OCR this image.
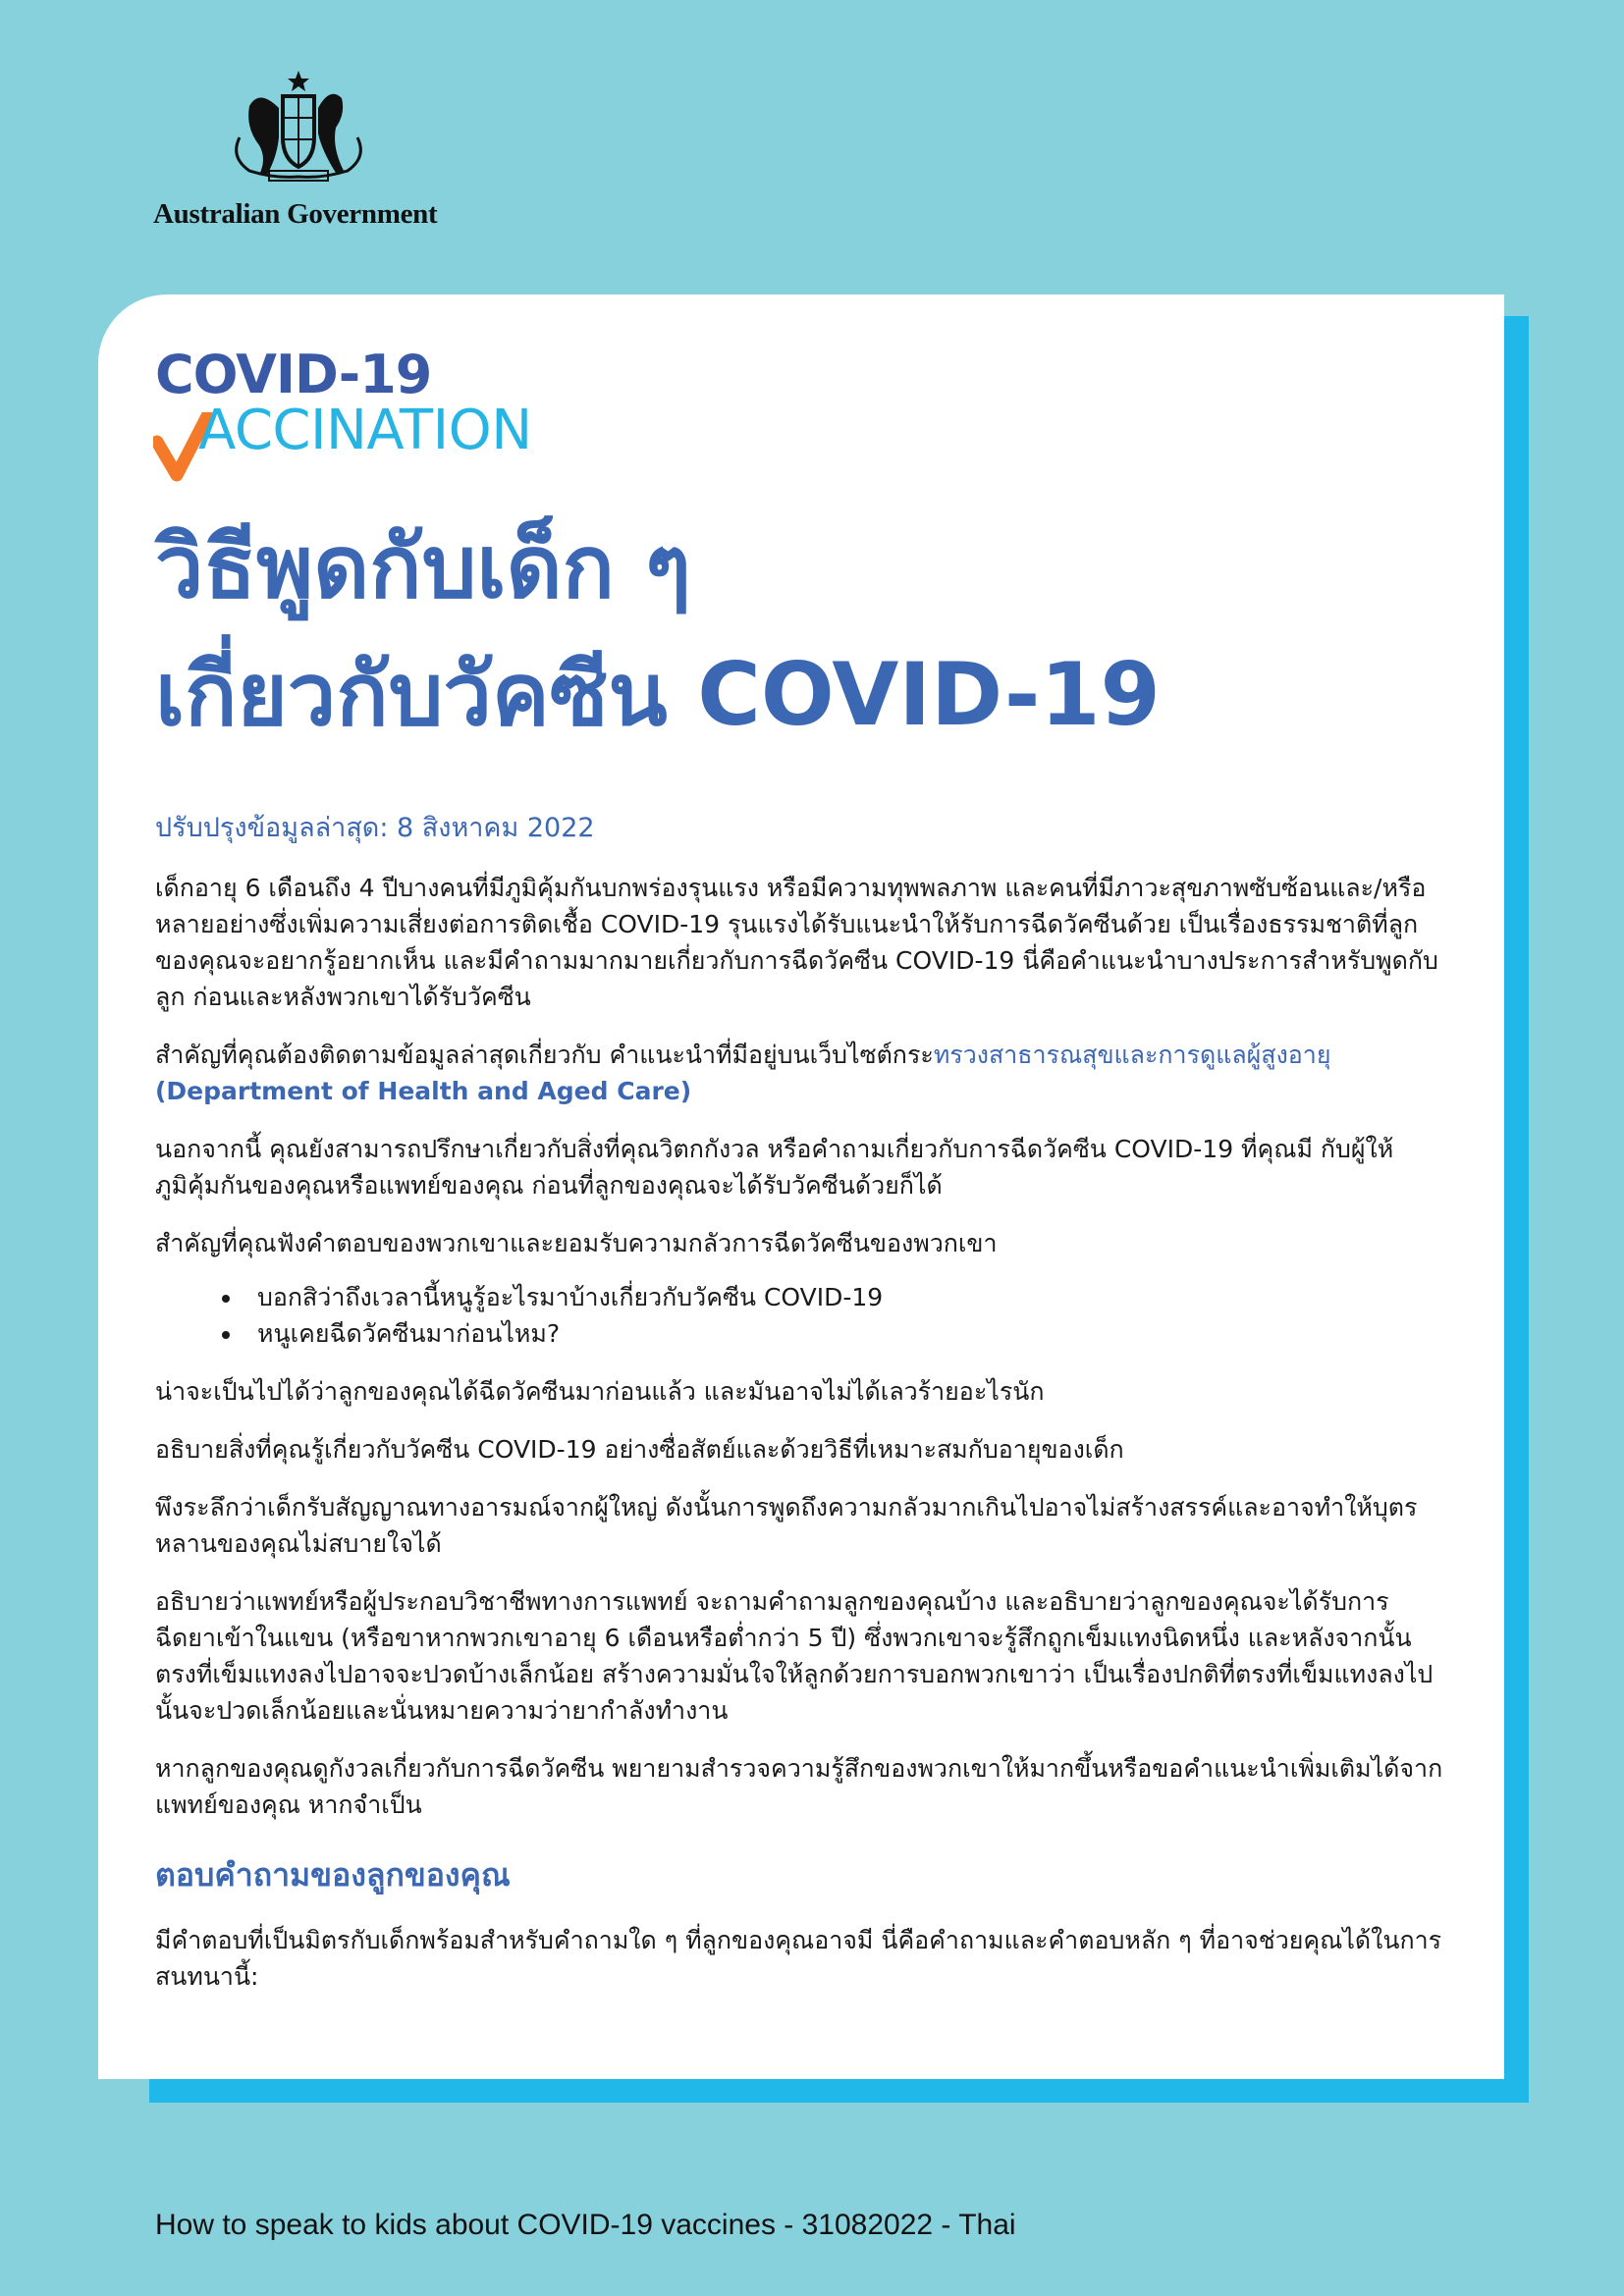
Australian Government
COVID-19
ACCINATION
วิธีพูดกับเด็ก ๆ
เกี่ยวกับวัคซีน COVID-19
ปรับปรุงข้อมูลล่าสุด: 8 สิงหาคม 2022

เด็กอายุ 6 เดือนถึง 4 ปีบางคนที่มีภูมิคุ้มกันบกพร่องรุนแรง หรือมีความทุพพลภาพ และคนที่มีภาวะสุขภาพซับซ้อนและ/หรือหลายอย่างซึ่งเพิ่มความเสี่ยงต่อการติดเชื้อ COVID-19 รุนแรงได้รับแนะนำให้รับการฉีดวัคซีนด้วย เป็นเรื่องธรรมชาติที่ลูกของคุณจะอยากรู้อยากเห็น และมีคำถามมากมายเกี่ยวกับการฉีดวัคซีน COVID-19 นี่คือคำแนะนำบางประการสำหรับพูดกับลูก ก่อนและหลังพวกเขาได้รับวัคซีน

สำคัญที่คุณต้องติดตามข้อมูลล่าสุดเกี่ยวกับ คำแนะนำที่มีอยู่บนเว็บไซต์กระทรวงสาธารณสุขและการดูแลผู้สูงอายุ (Department of Health and Aged Care)

นอกจากนี้ คุณยังสามารถปรึกษาเกี่ยวกับสิ่งที่คุณวิตกกังวล หรือคำถามเกี่ยวกับการฉีดวัคซีน COVID-19 ที่คุณมี กับผู้ให้ภูมิคุ้มกันของคุณหรือแพทย์ของคุณ ก่อนที่ลูกของคุณจะได้รับวัคซีนด้วยก็ได้

สำคัญที่คุณฟังคำตอบของพวกเขาและยอมรับความกลัวการฉีดวัคซีนของพวกเขา

• บอกสิว่าถึงเวลานี้หนูรู้อะไรมาบ้างเกี่ยวกับวัคซีน COVID-19
• หนูเคยฉีดวัคซีนมาก่อนไหม?

น่าจะเป็นไปได้ว่าลูกของคุณได้ฉีดวัคซีนมาก่อนแล้ว และมันอาจไม่ได้เลวร้ายอะไรนัก

อธิบายสิ่งที่คุณรู้เกี่ยวกับวัคซีน COVID-19 อย่างซื่อสัตย์และด้วยวิธีที่เหมาะสมกับอายุของเด็ก

พึงระลึกว่าเด็กรับสัญญาณทางอารมณ์จากผู้ใหญ่ ดังนั้นการพูดถึงความกลัวมากเกินไปอาจไม่สร้างสรรค์และอาจทำให้บุตรหลานของคุณไม่สบายใจได้

อธิบายว่าแพทย์หรือผู้ประกอบวิชาชีพทางการแพทย์ จะถามคำถามลูกของคุณบ้าง และอธิบายว่าลูกของคุณจะได้รับการฉีดยาเข้าในแขน (หรือขาหากพวกเขาอายุ 6 เดือนหรือต่ำกว่า 5 ปี) ซึ่งพวกเขาจะรู้สึกถูกเข็มแทงนิดหนึ่ง และหลังจากนั้นตรงที่เข็มแทงลงไปอาจจะปวดบ้างเล็กน้อย สร้างความมั่นใจให้ลูกด้วยการบอกพวกเขาว่า เป็นเรื่องปกติที่ตรงที่เข็มแทงลงไปนั้นจะปวดเล็กน้อยและนั่นหมายความว่ายากำลังทำงาน

หากลูกของคุณดูกังวลเกี่ยวกับการฉีดวัคซีน พยายามสำรวจความรู้สึกของพวกเขาให้มากขึ้นหรือขอคำแนะนำเพิ่มเติมได้จากแพทย์ของคุณ หากจำเป็น

ตอบคำถามของลูกของคุณ

มีคำตอบที่เป็นมิตรกับเด็กพร้อมสำหรับคำถามใด ๆ ที่ลูกของคุณอาจมี นี่คือคำถามและคำตอบหลัก ๆ ที่อาจช่วยคุณได้ในการสนทนานี้:

How to speak to kids about COVID-19 vaccines - 31082022 - Thai
